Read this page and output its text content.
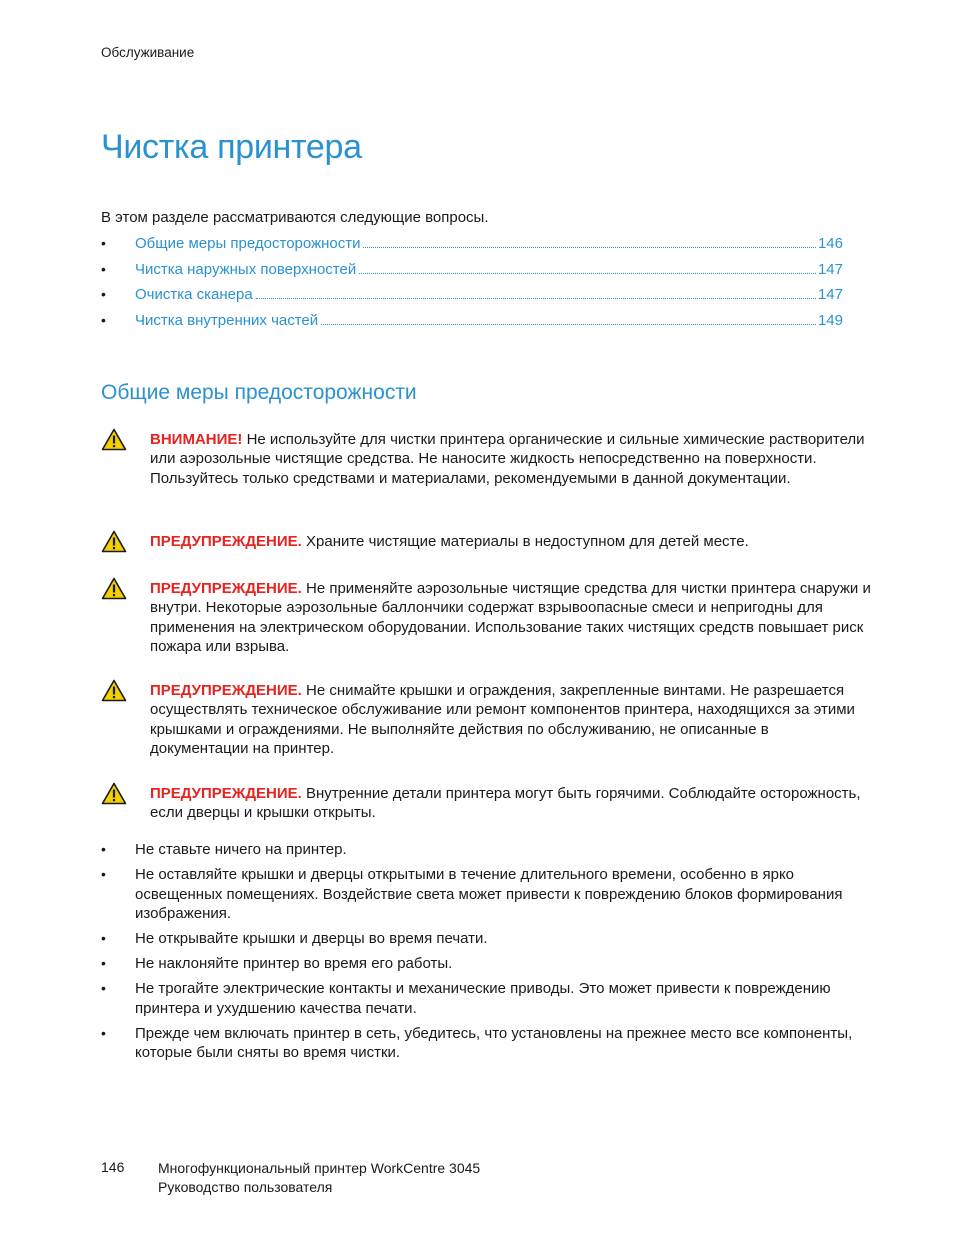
Обслуживание
Чистка принтера
В этом разделе рассматриваются следующие вопросы.
• Общие меры предосторожности	146
• Чистка наружных поверхностей	147
• Очистка сканера	147
• Чистка внутренних частей	149
Общие меры предосторожности
ВНИМАНИЕ! Не используйте для чистки принтера органические и сильные химические растворители или аэрозольные чистящие средства. Не наносите жидкость непосредственно на поверхности. Пользуйтесь только средствами и материалами, рекомендуемыми в данной документации.
ПРЕДУПРЕЖДЕНИЕ. Храните чистящие материалы в недоступном для детей месте.
ПРЕДУПРЕЖДЕНИЕ. Не применяйте аэрозольные чистящие средства для чистки принтера снаружи и внутри. Некоторые аэрозольные баллончики содержат взрывоопасные смеси и непригодны для применения на электрическом оборудовании. Использование таких чистящих средств повышает риск пожара или взрыва.
ПРЕДУПРЕЖДЕНИЕ. Не снимайте крышки и ограждения, закрепленные винтами. Не разрешается осуществлять техническое обслуживание или ремонт компонентов принтера, находящихся за этими крышками и ограждениями. Не выполняйте действия по обслуживанию, не описанные в документации на принтер.
ПРЕДУПРЕЖДЕНИЕ. Внутренние детали принтера могут быть горячими. Соблюдайте осторожность, если дверцы и крышки открыты.
• Не ставьте ничего на принтер.
• Не оставляйте крышки и дверцы открытыми в течение длительного времени, особенно в ярко освещенных помещениях. Воздействие света может привести к повреждению блоков формирования изображения.
• Не открывайте крышки и дверцы во время печати.
• Не наклоняйте принтер во время его работы.
• Не трогайте электрические контакты и механические приводы. Это может привести к повреждению принтера и ухудшению качества печати.
• Прежде чем включать принтер в сеть, убедитесь, что установлены на прежнее место все компоненты, которые были сняты во время чистки.
146 Многофункциональный принтер WorkCentre 3045
Руководство пользователя
